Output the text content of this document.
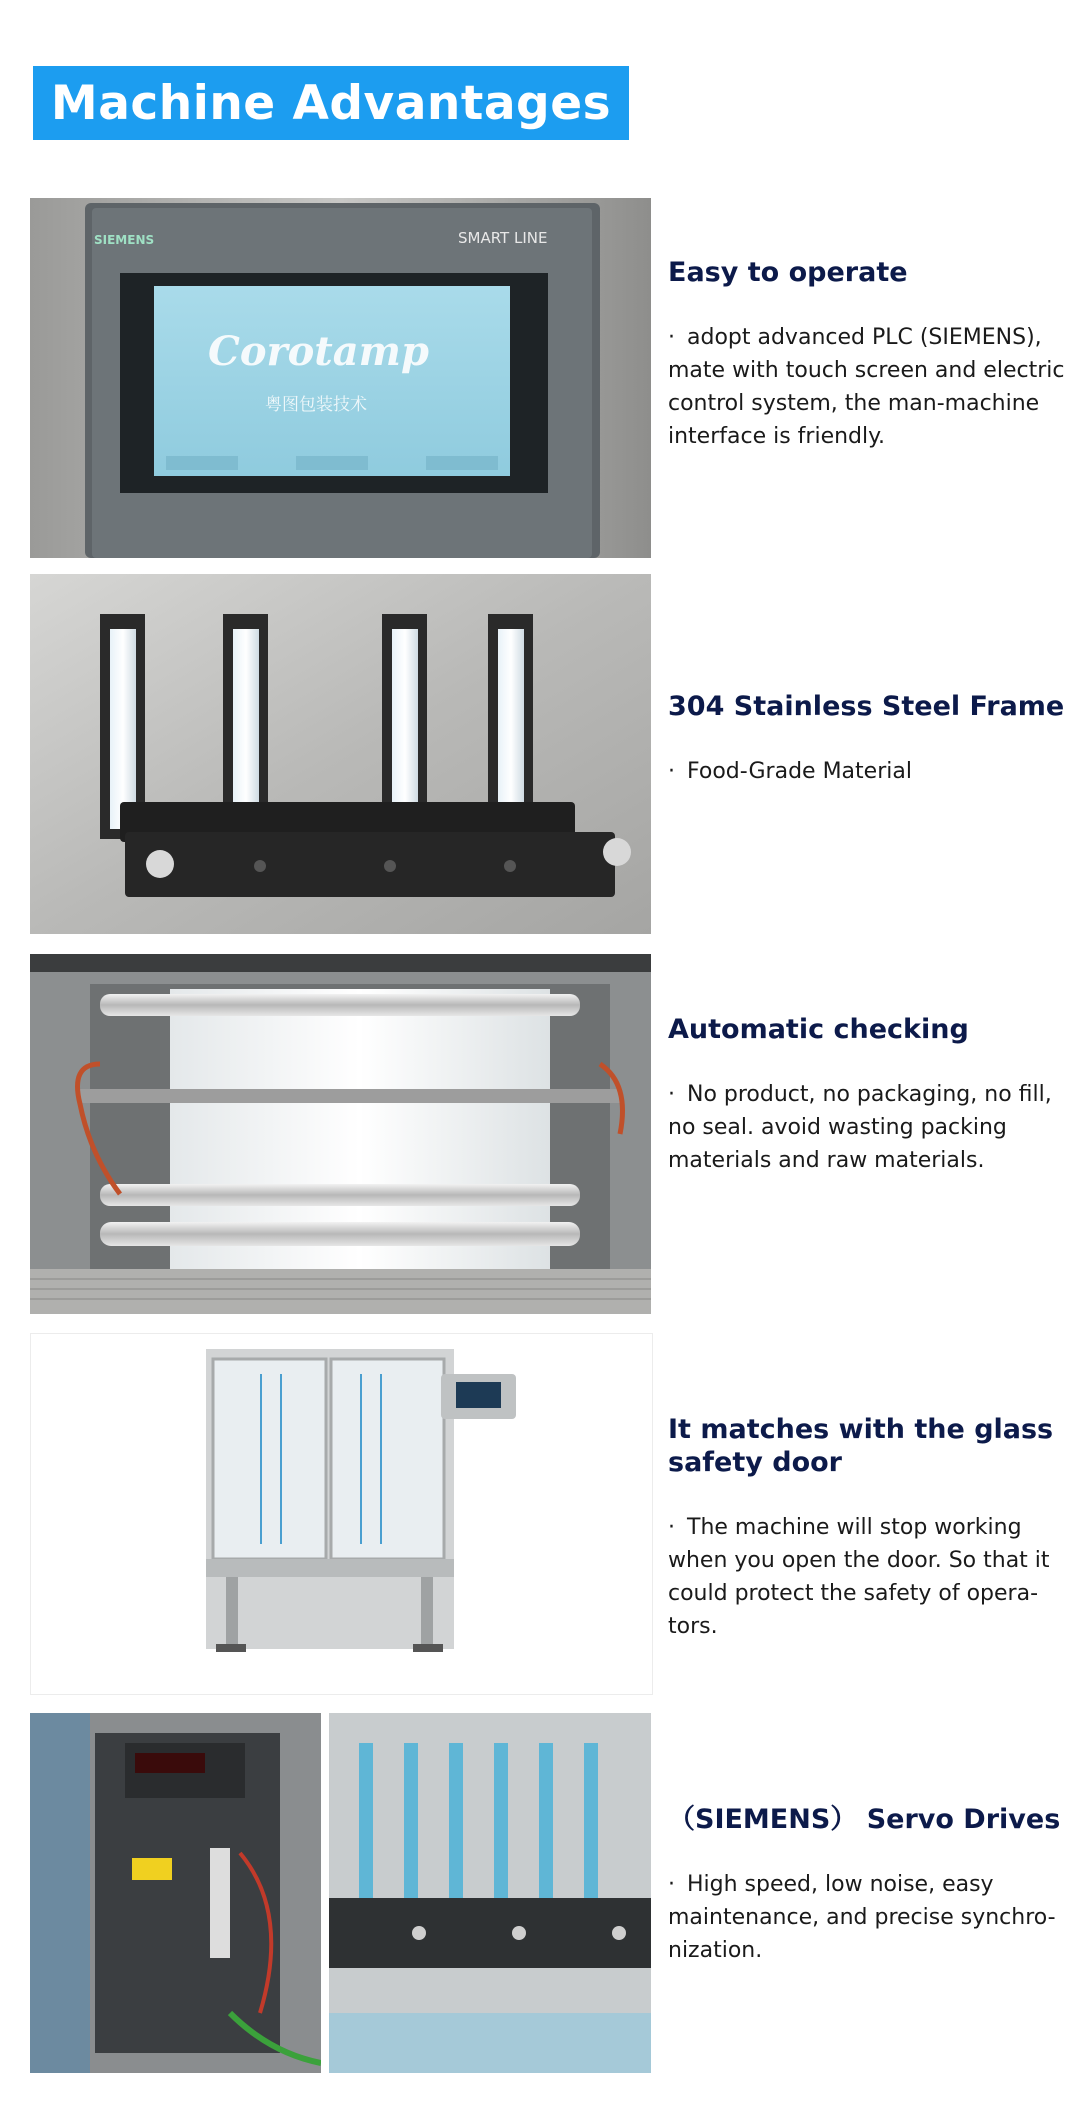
Machine Advantages
SIEMENS	SMART LINE
Corotamp
粤图包装技术
Easy to operate
· adopt advanced PLC (SIEMENS), mate with touch screen and electric control system, the man-machine interface is friendly.
304 Stainless Steel Frame
· Food-Grade Material
Automatic checking
· No product, no packaging, no fill, no seal. avoid wasting packing materials and raw materials.
It matches with the glass safety door
· The machine will stop working when you open the door. So that it could protect the safety of opera-tors.
（SIEMENS） Servo Drives
· High speed, low noise, easy maintenance, and precise synchro-nization.
